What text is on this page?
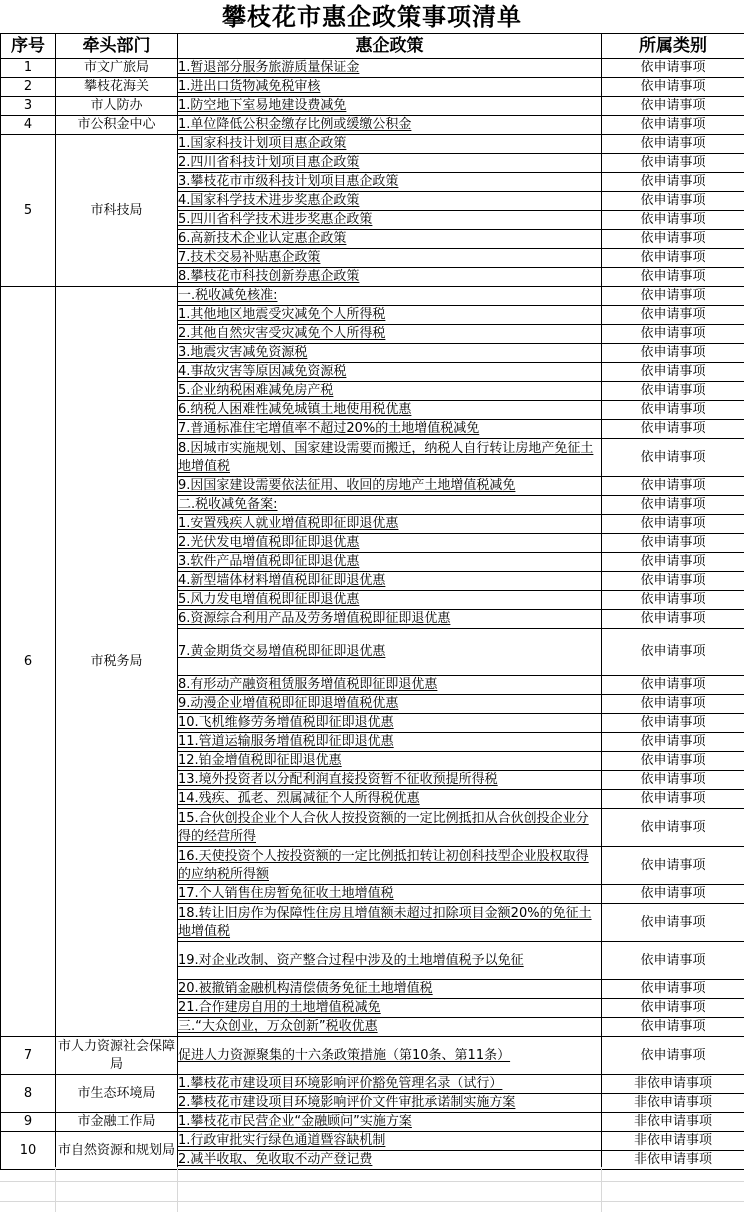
攀枝花市惠企政策事项清单
序号	牵头部门	惠企政策	所属类别
1	市文广旅局	1.暂退部分服务旅游质量保证金	依申请事项
2	攀枝花海关	1.进出口货物减免税审核	依申请事项
3	市人防办	1.防空地下室易地建设费减免	依申请事项
4	市公积金中心	1.单位降低公积金缴存比例或缓缴公积金	依申请事项
5	市科技局	1.国家科技计划项目惠企政策	依申请事项
		2.四川省科技计划项目惠企政策	依申请事项
		3.攀枝花市市级科技计划项目惠企政策	依申请事项
		4.国家科学技术进步奖惠企政策	依申请事项
		5.四川省科学技术进步奖惠企政策	依申请事项
		6.高新技术企业认定惠企政策	依申请事项
		7.技术交易补贴惠企政策	依申请事项
		8.攀枝花市科技创新券惠企政策	依申请事项
6	市税务局	一.税收减免核准:	依申请事项
		1.其他地区地震受灾减免个人所得税	依申请事项
		2.其他自然灾害受灾减免个人所得税	依申请事项
		3.地震灾害减免资源税	依申请事项
		4.事故灾害等原因减免资源税	依申请事项
		5.企业纳税困难减免房产税	依申请事项
		6.纳税人困难性减免城镇土地使用税优惠	依申请事项
		7.普通标准住宅增值率不超过20%的土地增值税减免	依申请事项
		8.因城市实施规划、国家建设需要而搬迁，纳税人自行转让房地产免征土地增值税	依申请事项
		9.因国家建设需要依法征用、收回的房地产土地增值税减免	依申请事项
		二.税收减免备案:	依申请事项
		1.安置残疾人就业增值税即征即退优惠	依申请事项
		2.光伏发电增值税即征即退优惠	依申请事项
		3.软件产品增值税即征即退优惠	依申请事项
		4.新型墙体材料增值税即征即退优惠	依申请事项
		5.风力发电增值税即征即退优惠	依申请事项
		6.资源综合利用产品及劳务增值税即征即退优惠	依申请事项
		7.黄金期货交易增值税即征即退优惠	依申请事项
		8.有形动产融资租赁服务增值税即征即退优惠	依申请事项
		9.动漫企业增值税即征即退增值税优惠	依申请事项
		10.飞机维修劳务增值税即征即退优惠	依申请事项
		11.管道运输服务增值税即征即退优惠	依申请事项
		12.铂金增值税即征即退优惠	依申请事项
		13.境外投资者以分配利润直接投资暂不征收预提所得税	依申请事项
		14.残疾、孤老、烈属减征个人所得税优惠	依申请事项
		15.合伙创投企业个人合伙人按投资额的一定比例抵扣从合伙创投企业分得的经营所得	依申请事项
		16.天使投资个人按投资额的一定比例抵扣转让初创科技型企业股权取得的应纳税所得额	依申请事项
		17.个人销售住房暂免征收土地增值税	依申请事项
		18.转让旧房作为保障性住房且增值额未超过扣除项目金额20%的免征土地增值税	依申请事项
		19.对企业改制、资产整合过程中涉及的土地增值税予以免征	依申请事项
		20.被撤销金融机构清偿债务免征土地增值税	依申请事项
		21.合作建房自用的土地增值税减免	依申请事项
		三.“大众创业，万众创新”税收优惠	依申请事项
7	市人力资源社会保障局	促进人力资源聚集的十六条政策措施（第10条、第11条）	依申请事项
8	市生态环境局	1.攀枝花市建设项目环境影响评价豁免管理名录（试行）	非依申请事项
		2.攀枝花市建设项目环境影响评价文件审批承诺制实施方案	非依申请事项
9	市金融工作局	1.攀枝花市民营企业“金融顾问”实施方案	非依申请事项
10	市自然资源和规划局	1.行政审批实行绿色通道暨容缺机制	非依申请事项
		2.减半收取、免收取不动产登记费	非依申请事项
